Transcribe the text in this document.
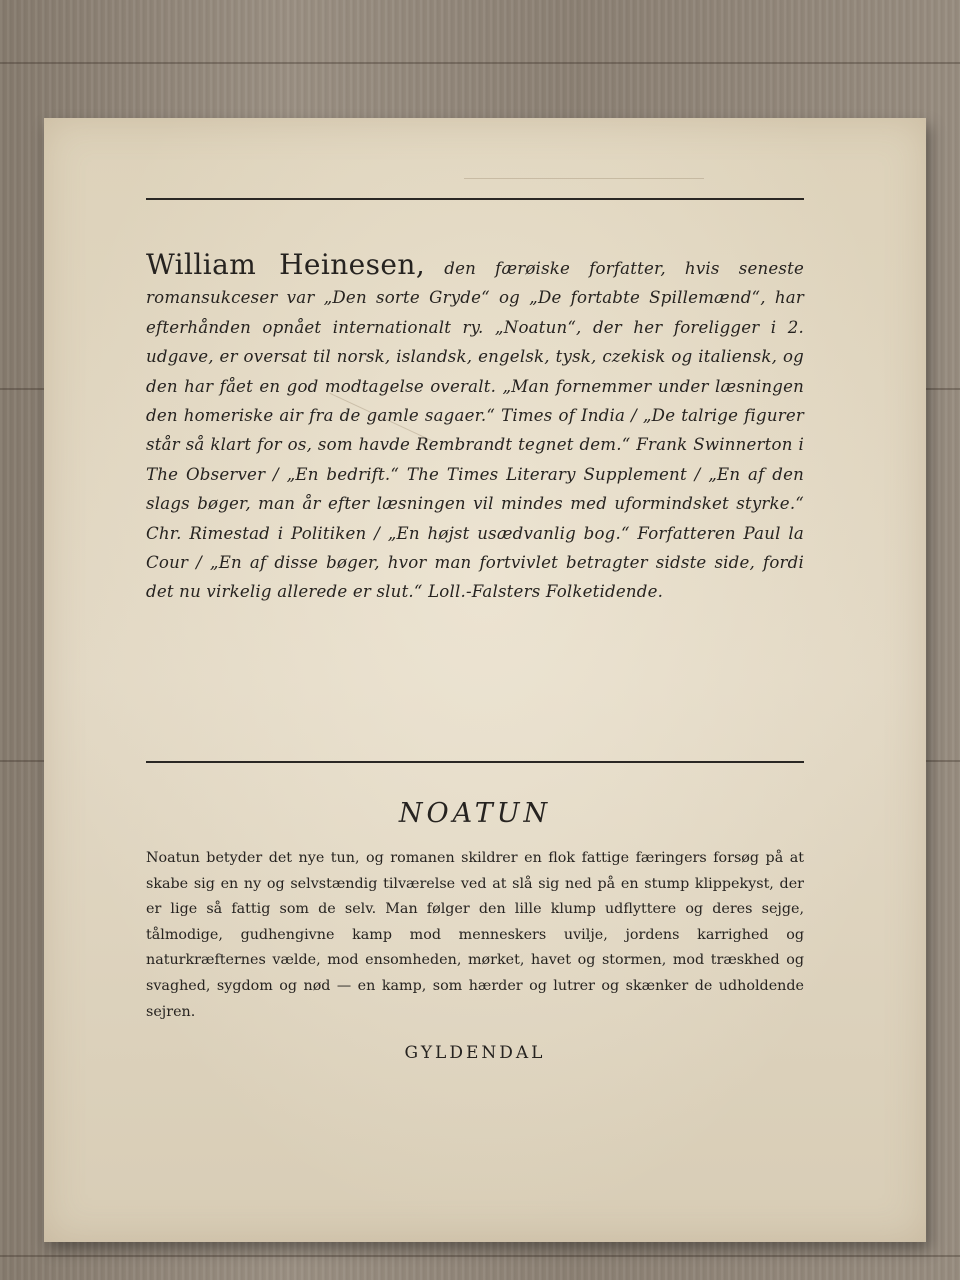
William Heinesen, den færøiske forfatter, hvis seneste romansukceser var „Den sorte Gryde“ og „De fortabte Spillemænd“, har efterhånden opnået internationalt ry. „Noatun“, der her foreligger i 2. udgave, er oversat til norsk, islandsk, engelsk, tysk, czekisk og italiensk, og den har fået en god modtagelse overalt. „Man fornemmer under læsningen den homeriske air fra de gamle sagaer.“ Times of India / „De talrige figurer står så klart for os, som havde Rembrandt tegnet dem.“ Frank Swinnerton i The Observer / „En bedrift.“ The Times Literary Supplement / „En af den slags bøger, man år efter læsningen vil mindes med uformindsket styrke.“ Chr. Rimestad i Politiken / „En højst usædvanlig bog.“ Forfatteren Paul la Cour / „En af disse bøger, hvor man fortvivlet betragter sidste side, fordi det nu virkelig allerede er slut.“ Loll.-Falsters Folketidende.
NOATUN
Noatun betyder det nye tun, og romanen skildrer en flok fattige færingers forsøg på at skabe sig en ny og selvstændig tilværelse ved at slå sig ned på en stump klippekyst, der er lige så fattig som de selv. Man følger den lille klump udflyttere og deres sejge, tålmodige, gudhengivne kamp mod menneskers uvilje, jordens karrighed og naturkræfternes vælde, mod ensomheden, mørket, havet og stormen, mod træskhed og svaghed, sygdom og nød — en kamp, som hærder og lutrer og skænker de udholdende sejren.
GYLDENDAL
